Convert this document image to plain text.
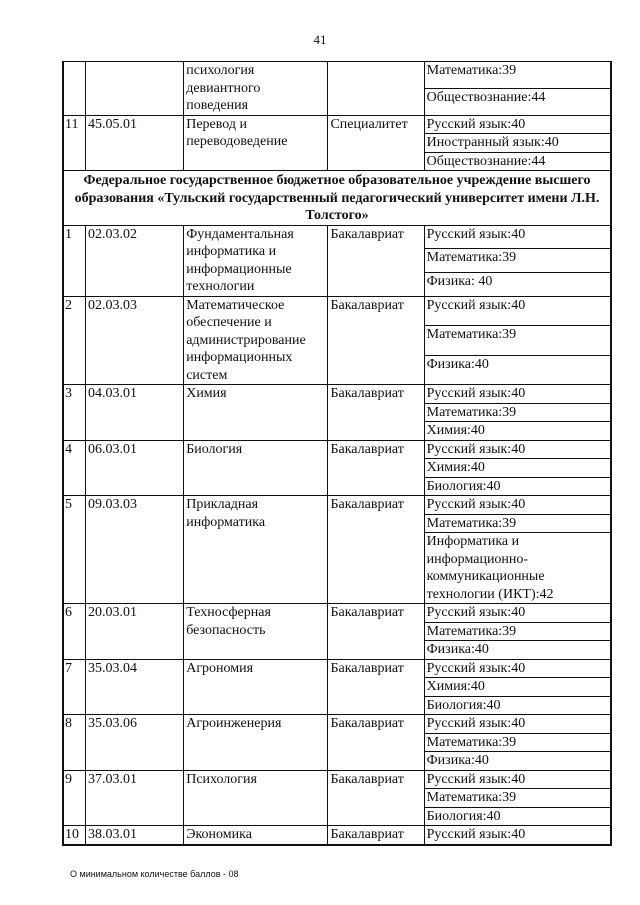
41
		психология девиантного поведения		Математика:39
				Обществознание:44
11	45.05.01	Перевод и переводоведение	Специалитет	Русский язык:40
				Иностранный язык:40
				Обществознание:44
Федеральное государственное бюджетное образовательное учреждение высшего образования «Тульский государственный педагогический университет имени Л.Н. Толстого»				
1	02.03.02	Фундаментальная информатика и информационные технологии	Бакалавриат	Русский язык:40
				Математика:39
				Физика: 40
2	02.03.03	Математическое обеспечение и администрирование информационных систем	Бакалавриат	Русский язык:40
				Математика:39
				Физика:40
3	04.03.01	Химия	Бакалавриат	Русский язык:40
				Математика:39
				Химия:40
4	06.03.01	Биология	Бакалавриат	Русский язык:40
				Химия:40
				Биология:40
5	09.03.03	Прикладная информатика	Бакалавриат	Русский язык:40
				Математика:39
				Информатика и информационно-коммуникационные технологии (ИКТ):42
6	20.03.01	Техносферная безопасность	Бакалавриат	Русский язык:40
				Математика:39
				Физика:40
7	35.03.04	Агрономия	Бакалавриат	Русский язык:40
				Химия:40
				Биология:40
8	35.03.06	Агроинженерия	Бакалавриат	Русский язык:40
				Математика:39
				Физика:40
9	37.03.01	Психология	Бакалавриат	Русский язык:40
				Математика:39
				Биология:40
10	38.03.01	Экономика	Бакалавриат	Русский язык:40
О минимальном количестве баллов - 08
